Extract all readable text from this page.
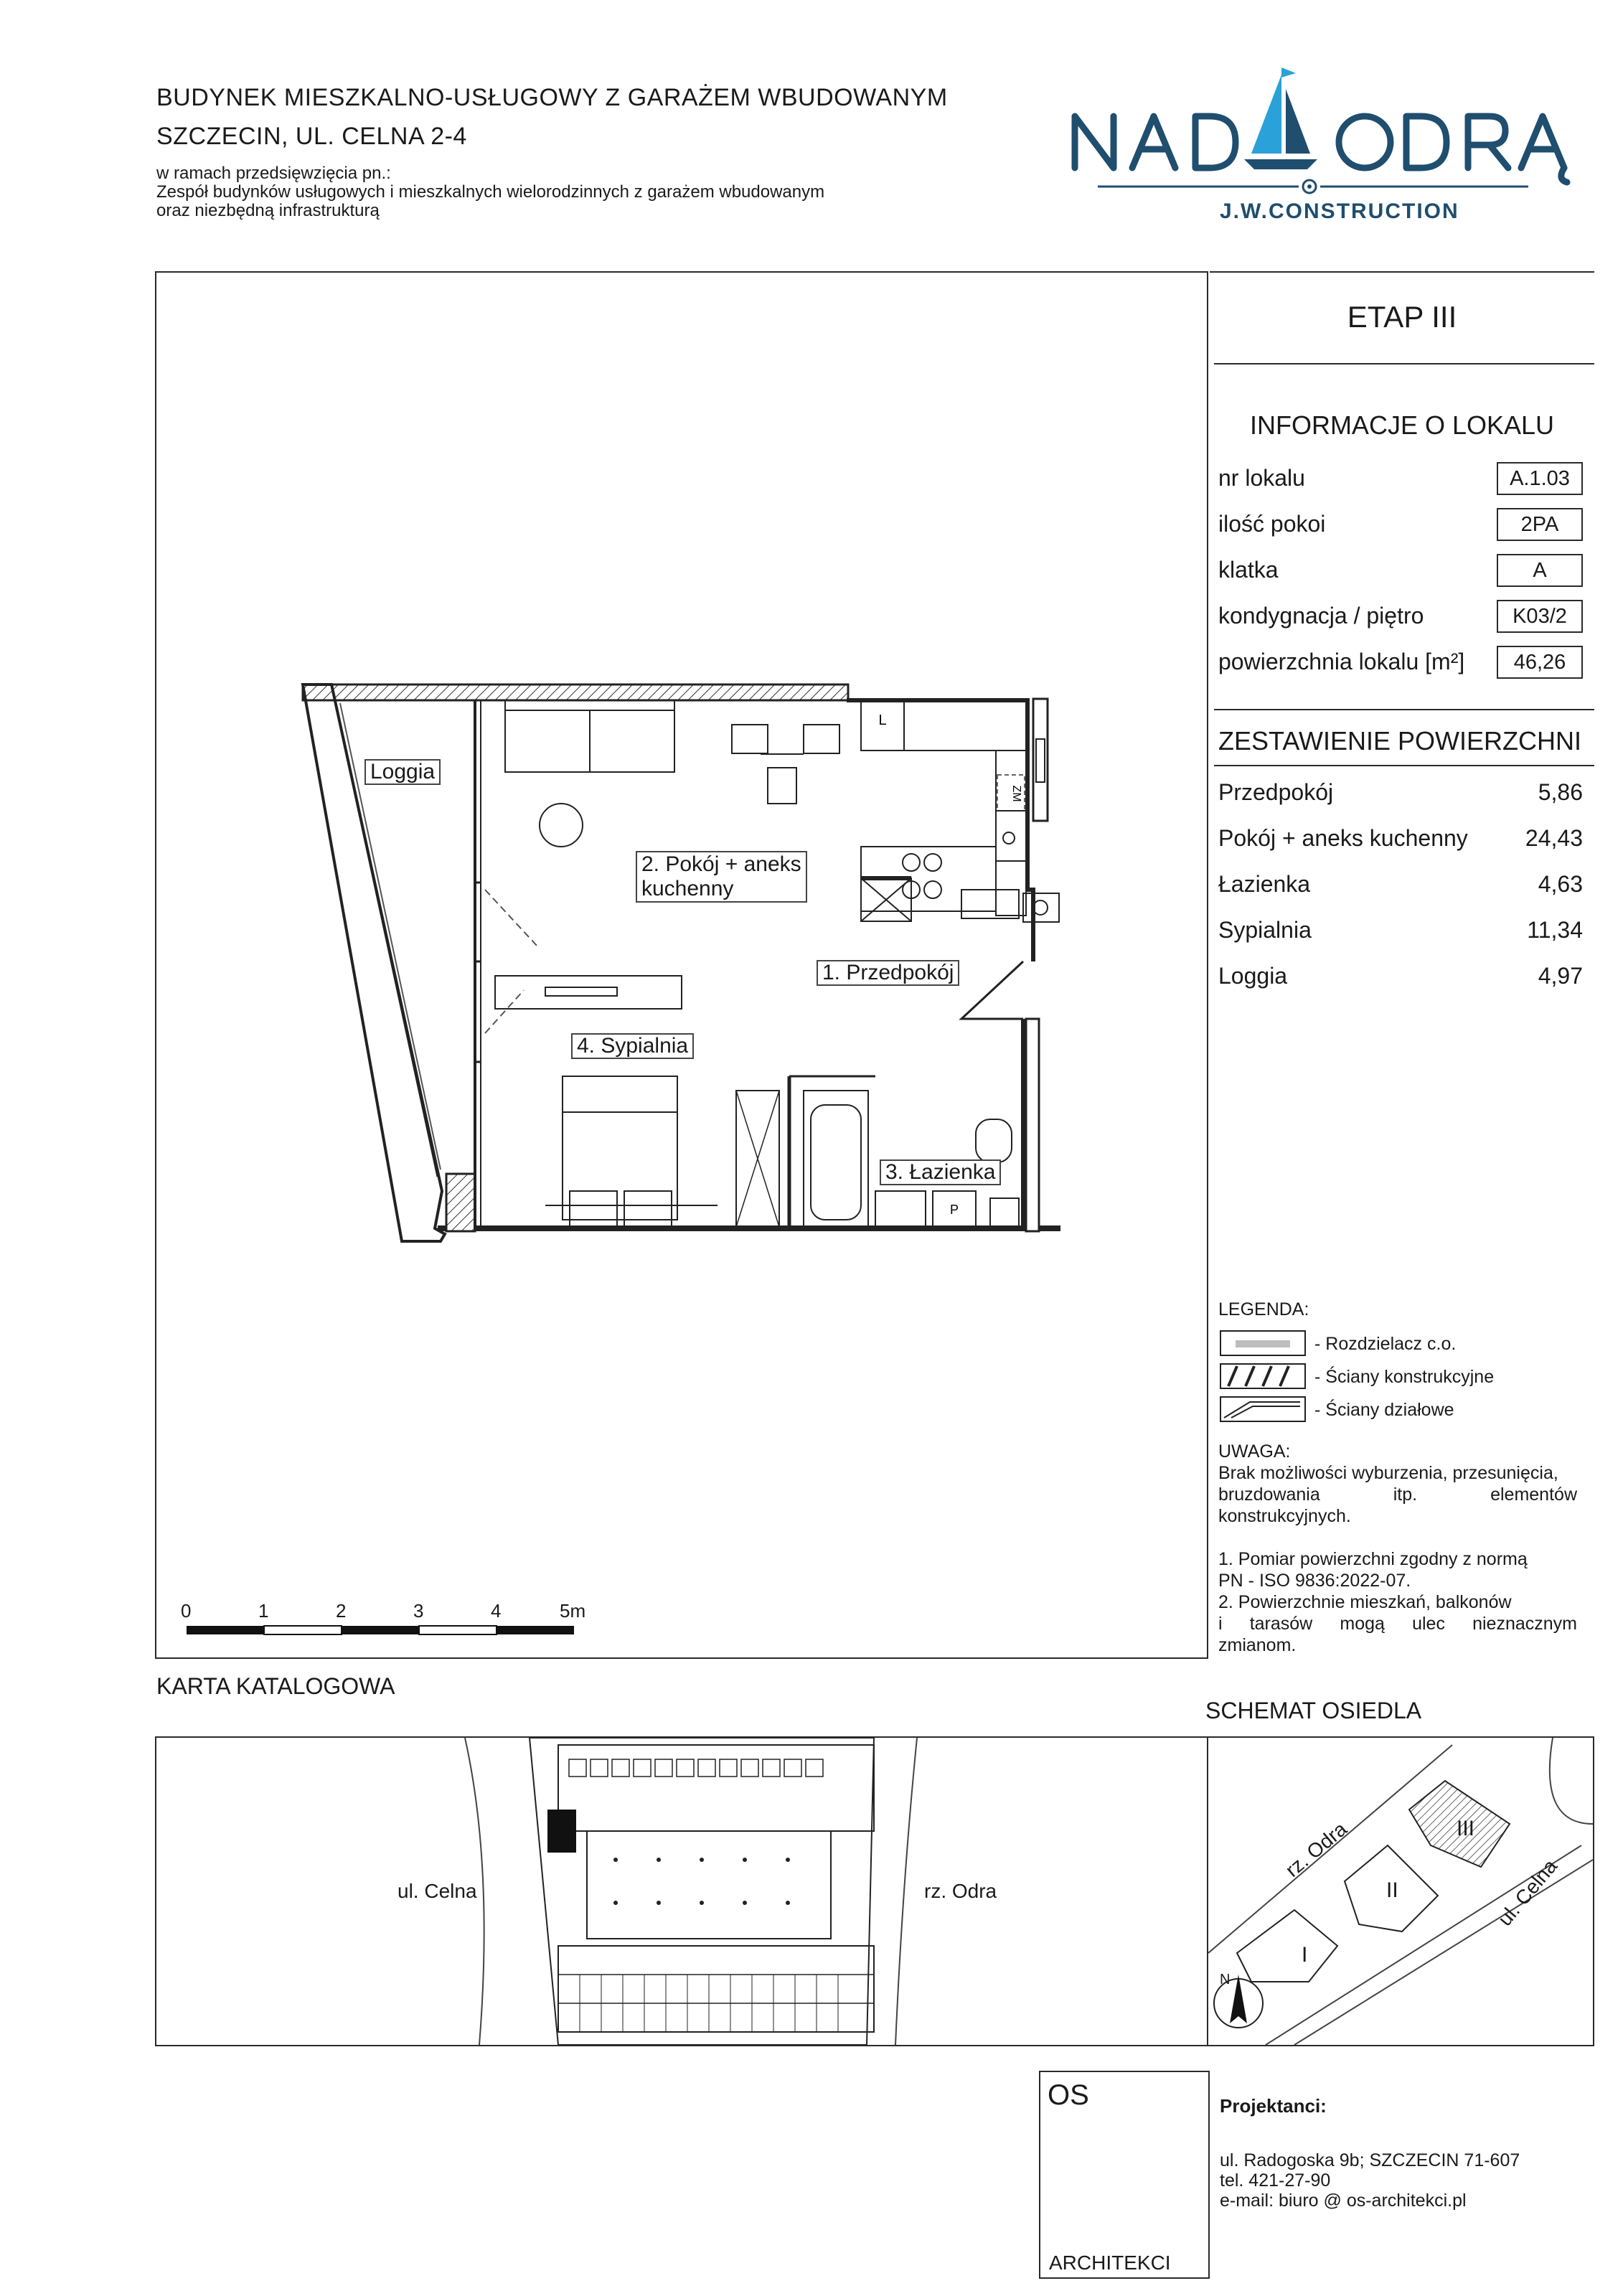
BUDYNEK MIESZKALNO-USŁUGOWY Z GARAŻEM WBUDOWANYM
SZCZECIN, UL. CELNA 2-4
w ramach przedsięwzięcia pn.:
Zespół budynków usługowych i mieszkalnych wielorodzinnych z garażem wbudowanym
oraz niezbędną infrastrukturą	J.W.CONSTRUCTION
L
ZM
P
Loggia
2. Pokój + aneks
kuchenny
1. Przedpokój
4. Sypialnia
3. Łazienka
0	1	2	3	4	5m
ETAP III
INFORMACJE O LOKALU
nr lokalu	A.1.03
ilość pokoi	2PA
klatka	A
kondygnacja / piętro	K03/2
powierzchnia lokalu [m²]	46,26
ZESTAWIENIE POWIERZCHNI
Przedpokój	5,86
Pokój + aneks kuchenny	24,43
Łazienka	4,63
Sypialnia	11,34
Loggia	4,97
LEGENDA:
- Rozdzielacz c.o.
- Ściany konstrukcyjne
- Ściany działowe
UWAGA:
Brak możliwości wyburzenia, przesunięcia,
bruzdowania	itp.	elementów
konstrukcyjnych.
1. Pomiar powierzchni zgodny z normą
PN - ISO 9836:2022-07.
2. Powierzchnie mieszkań, balkonów
i tarasów mogą ulec nieznacznym
zmianom.
KARTA KATALOGOWA
SCHEMAT OSIEDLA
ul. Celna	rz. Odra
rz. Odra
ul. Celna
I
II
III
N
OS
ARCHITEKCI
Projektanci:
ul. Radogoska 9b; SZCZECIN 71-607
tel. 421-27-90
e-mail: biuro @ os-architekci.pl
